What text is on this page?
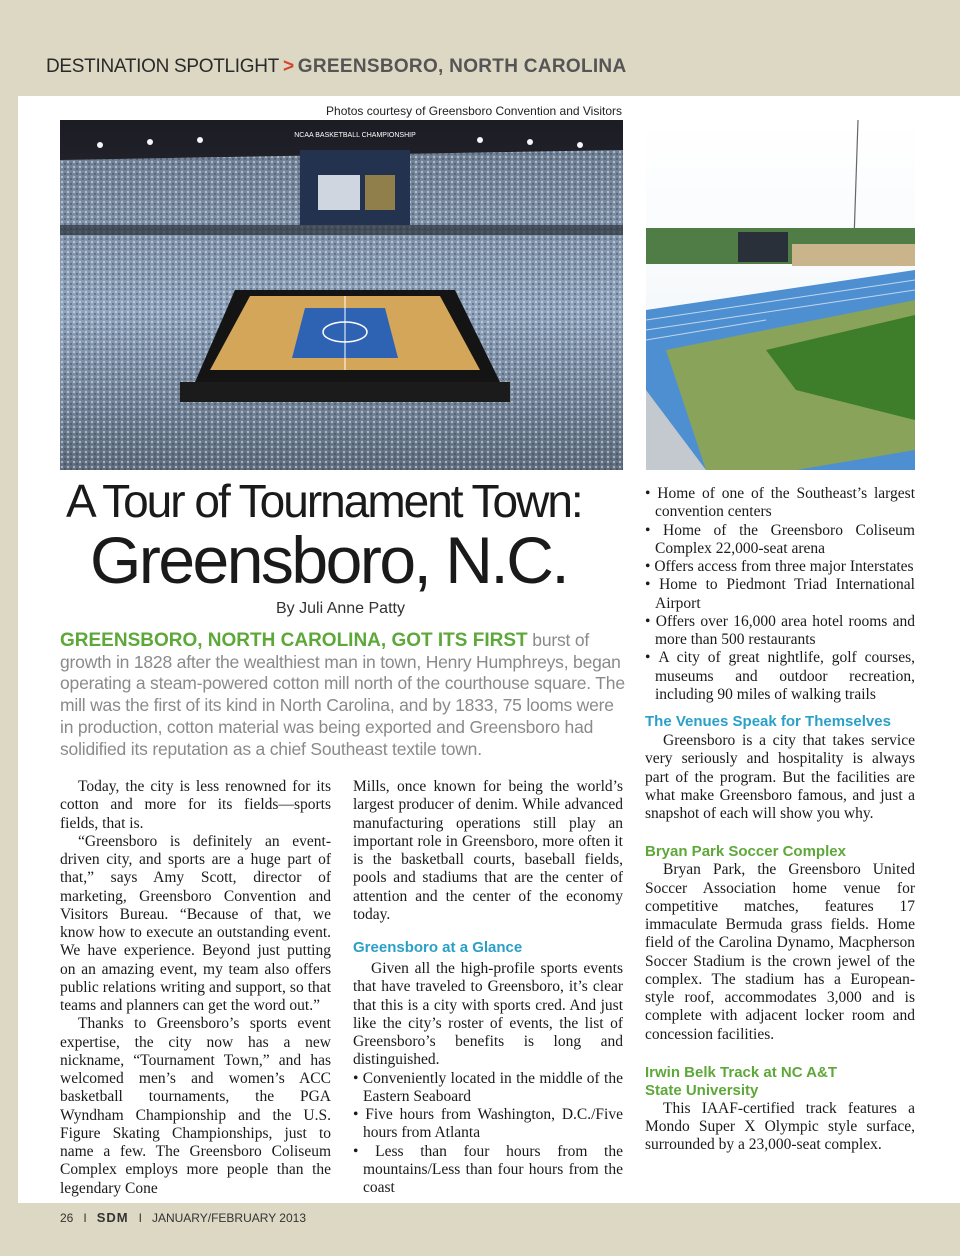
DESTINATION SPOTLIGHT > GREENSBORO, NORTH CAROLINA
Photos courtesy of Greensboro Convention and Visitors
NCAA BASKETBALL CHAMPIONSHIP
A Tour of Tournament Town:
Greensboro, N.C.
By Juli Anne Patty
GREENSBORO, NORTH CAROLINA, GOT ITS FIRST burst of growth in 1828 after the wealthiest man in town, Henry Humphreys, began operating a steam-powered cotton mill north of the courthouse square. The mill was the first of its kind in North Carolina, and by 1833, 75 looms were in production, cotton material was being exported and Greensboro had solidified its reputation as a chief Southeast textile town.

Today, the city is less renowned for its cotton and more for its fields—sports fields, that is.

“Greensboro is definitely an event-driven city, and sports are a huge part of that,” says Amy Scott, director of marketing, Greensboro Convention and Visitors Bureau. “Because of that, we know how to execute an outstanding event. We have experience. Beyond just putting on an amazing event, my team also offers public relations writing and support, so that teams and planners can get the word out.”

Thanks to Greensboro’s sports event expertise, the city now has a new nickname, “Tournament Town,” and has welcomed men’s and women’s ACC basketball tournaments, the PGA Wyndham Championship and the U.S. Figure Skating Championships, just to name a few. The Greensboro Coliseum Complex employs more people than the legendary Cone

Mills, once known for being the world’s largest producer of denim. While advanced manufacturing operations still play an important role in Greensboro, more often it is the basketball courts, baseball fields, pools and stadiums that are the center of attention and the center of the economy today.

Greensboro at a Glance

Given all the high-profile sports events that have traveled to Greensboro, it’s clear that this is a city with sports cred. And just like the city’s roster of events, the list of Greensboro’s benefits is long and distinguished.

• Conveniently located in the middle of the Eastern Seaboard
• Five hours from Washington, D.C./Five hours from Atlanta
• Less than four hours from the mountains/Less than four hours from the coast
• Home of one of the Southeast’s largest convention centers
• Home of the Greensboro Coliseum Complex 22,000-seat arena
• Offers access from three major Interstates
• Home to Piedmont Triad International Airport
• Offers over 16,000 area hotel rooms and more than 500 restaurants
• A city of great nightlife, golf courses, museums and outdoor recreation, including 90 miles of walking trails
The Venues Speak for Themselves

Greensboro is a city that takes service very seriously and hospitality is always part of the program. But the facilities are what make Greensboro famous, and just a snapshot of each will show you why.

Bryan Park Soccer Complex

Bryan Park, the Greensboro United Soccer Association home venue for competitive matches, features 17 immaculate Bermuda grass fields. Home field of the Carolina Dynamo, Macpherson Soccer Stadium is the crown jewel of the complex. The stadium has a European-style roof, accommodates 3,000 and is complete with adjacent locker room and concession facilities.

Irwin Belk Track at NC A&T
State University

This IAAF-certified track features a Mondo Super X Olympic style surface, surrounded by a 23,000-seat complex.

26 I SDM I JANUARY/FEBRUARY 2013
